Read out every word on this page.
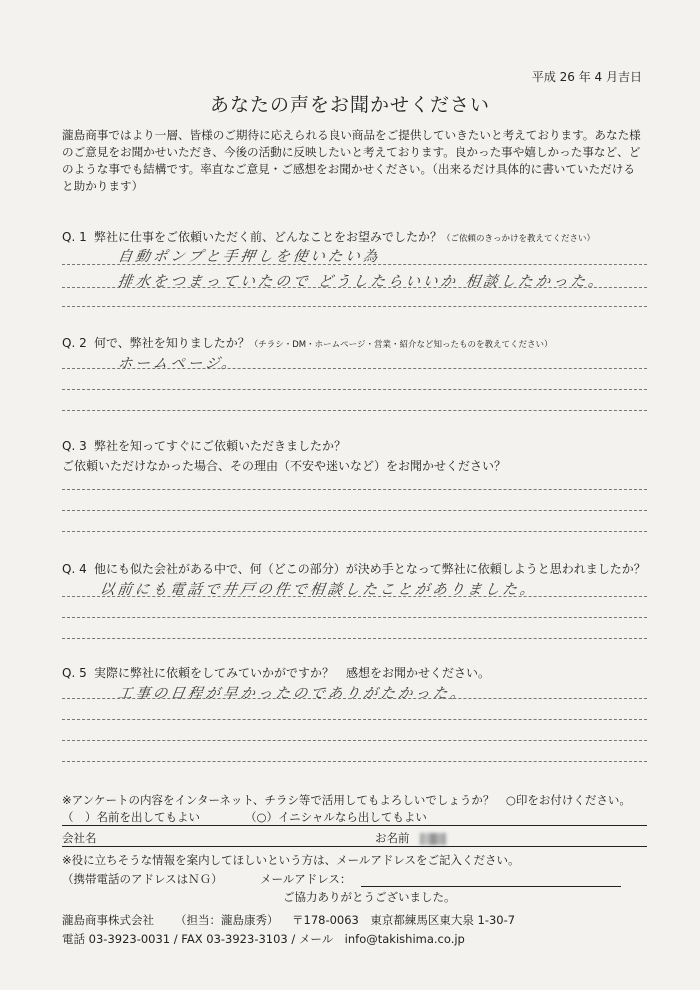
平成 26 年 4 月吉日
あなたの声をお聞かせください
瀧島商事ではより一層、皆様のご期待に応えられる良い商品をご提供していきたいと考えております。あなた様
のご意見をお聞かせいただき、今後の活動に反映したいと考えております。良かった事や嬉しかった事など、ど
のような事でも結構です。率直なご意見・ご感想をお聞かせください。（出来るだけ具体的に書いていただける
と助かります）
Q. 1 弊社に仕事をご依頼いただく前、どんなことをお望みでしたか？（ご依頼のきっかけを教えてください）
自動ポンプと手押しを使いたい為
排水をつまっていたので どうしたらいいか 相談したかった。
Q. 2 何で、弊社を知りましたか？（チラシ・DM・ホームページ・営業・紹介など知ったものを教えてください）
ホームページ。
Q. 3 弊社を知ってすぐにご依頼いただきましたか？
ご依頼いただけなかった場合、その理由（不安や迷いなど）をお聞かせください？
Q. 4 他にも似た会社がある中で、何（どこの部分）が決め手となって弊社に依頼しようと思われましたか？
以前にも電話で井戸の件で相談したことがありました。
Q. 5 実際に弊社に依頼をしてみていかがですか？　感想をお聞かせください。
工事の日程が早かったのでありがたかった。
※アンケートの内容をインターネット、チラシ等で活用してもよろしいでしょうか？　○印をお付けください。
（　）名前を出してもよい	（○）イニシャルなら出してもよい
会社名	お名前
※役に立ちそうな情報を案内してほしいという方は、メールアドレスをご記入ください。
（携帯電話のアドレスはＮＧ）	メールアドレス：
ご協力ありがとうございました。
瀧島商事株式会社 （担当：瀧島康秀） 〒178-0063　東京都練馬区東大泉 1-30-7
電話 03-3923-0031 / FAX 03-3923-3103 / メール　info@takishima.co.jp
